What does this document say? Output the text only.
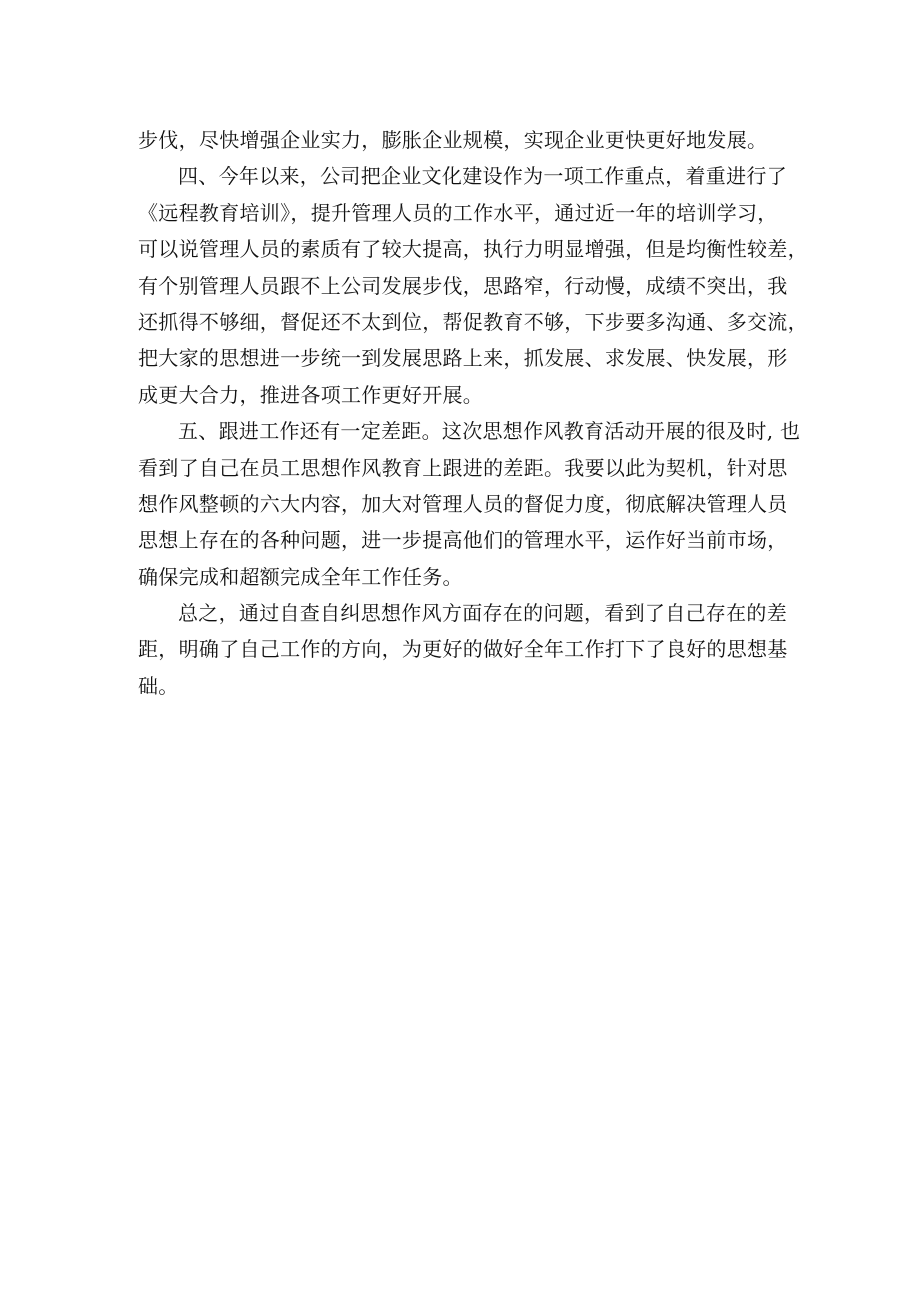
步伐，尽快增强企业实力，膨胀企业规模，实现企业更快更好地发展。
四、今年以来，公司把企业文化建设作为一项工作重点，着重进行了
《远程教育培训》，提升管理人员的工作水平，通过近一年的培训学习，
可以说管理人员的素质有了较大提高，执行力明显增强，但是均衡性较差，
有个别管理人员跟不上公司发展步伐，思路窄，行动慢，成绩不突出，我
还抓得不够细，督促还不太到位，帮促教育不够，下步要多沟通、多交流，
把大家的思想进一步统一到发展思路上来，抓发展、求发展、快发展，形
成更大合力，推进各项工作更好开展。
五、跟进工作还有一定差距。这次思想作风教育活动开展的很及时, 也
看到了自己在员工思想作风教育上跟进的差距。我要以此为契机，针对思
想作风整顿的六大内容，加大对管理人员的督促力度，彻底解决管理人员
思想上存在的各种问题，进一步提高他们的管理水平，运作好当前市场，
确保完成和超额完成全年工作任务。
总之，通过自查自纠思想作风方面存在的问题，看到了自己存在的差
距，明确了自己工作的方向，为更好的做好全年工作打下了良好的思想基
础。
